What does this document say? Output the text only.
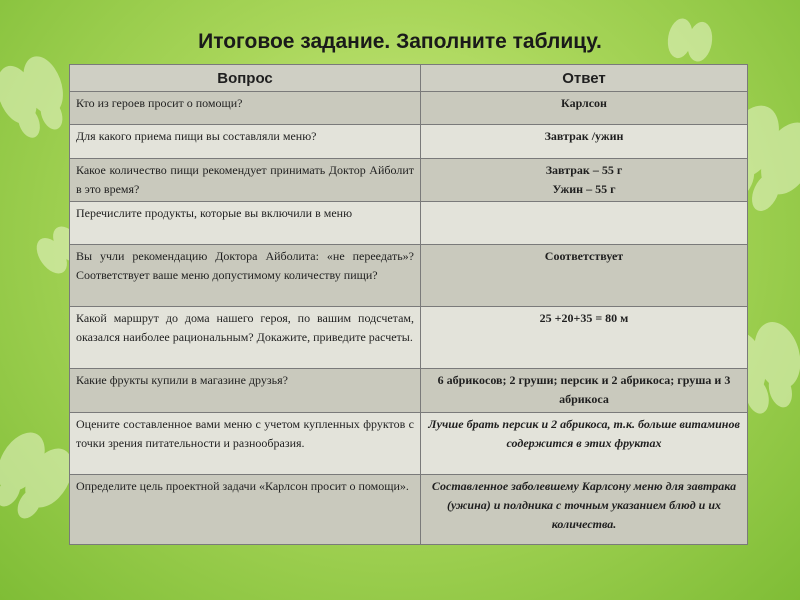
Итоговое задание. Заполните таблицу.
Вопрос	Ответ
Кто из героев просит о помощи?	Карлсон

Для какого приема пищи вы составляли меню?	Завтрак /ужин

Какое количество пищи рекомендует принимать Доктор Айболит в это время?	Завтрак – 55 г
Ужин – 55 г

Перечислите продукты, которые вы включили в меню	

Вы учли рекомендацию Доктора Айболита: «не переедать»? Соответствует ваше меню допустимому количеству пищи?	Соответствует

Какой маршрут до дома нашего героя, по вашим подсчетам, оказался наиболее рациональным? Докажите, приведите расчеты.	25 +20+35 = 80 м

Какие фрукты купили в магазине друзья?	6 абрикосов; 2 груши; персик и 2 абрикоса; груша и 3 абрикоса

Оцените составленное вами меню с учетом купленных фруктов с точки зрения питательности и разнообразия.	Лучше брать персик и 2 абрикоса, т.к. больше витаминов содержится в этих фруктах

Определите цель проектной задачи «Карлсон просит о помощи».	Составленное заболевшему Карлсону меню для завтрака (ужина) и полдника с точным указанием блюд и их количества.
